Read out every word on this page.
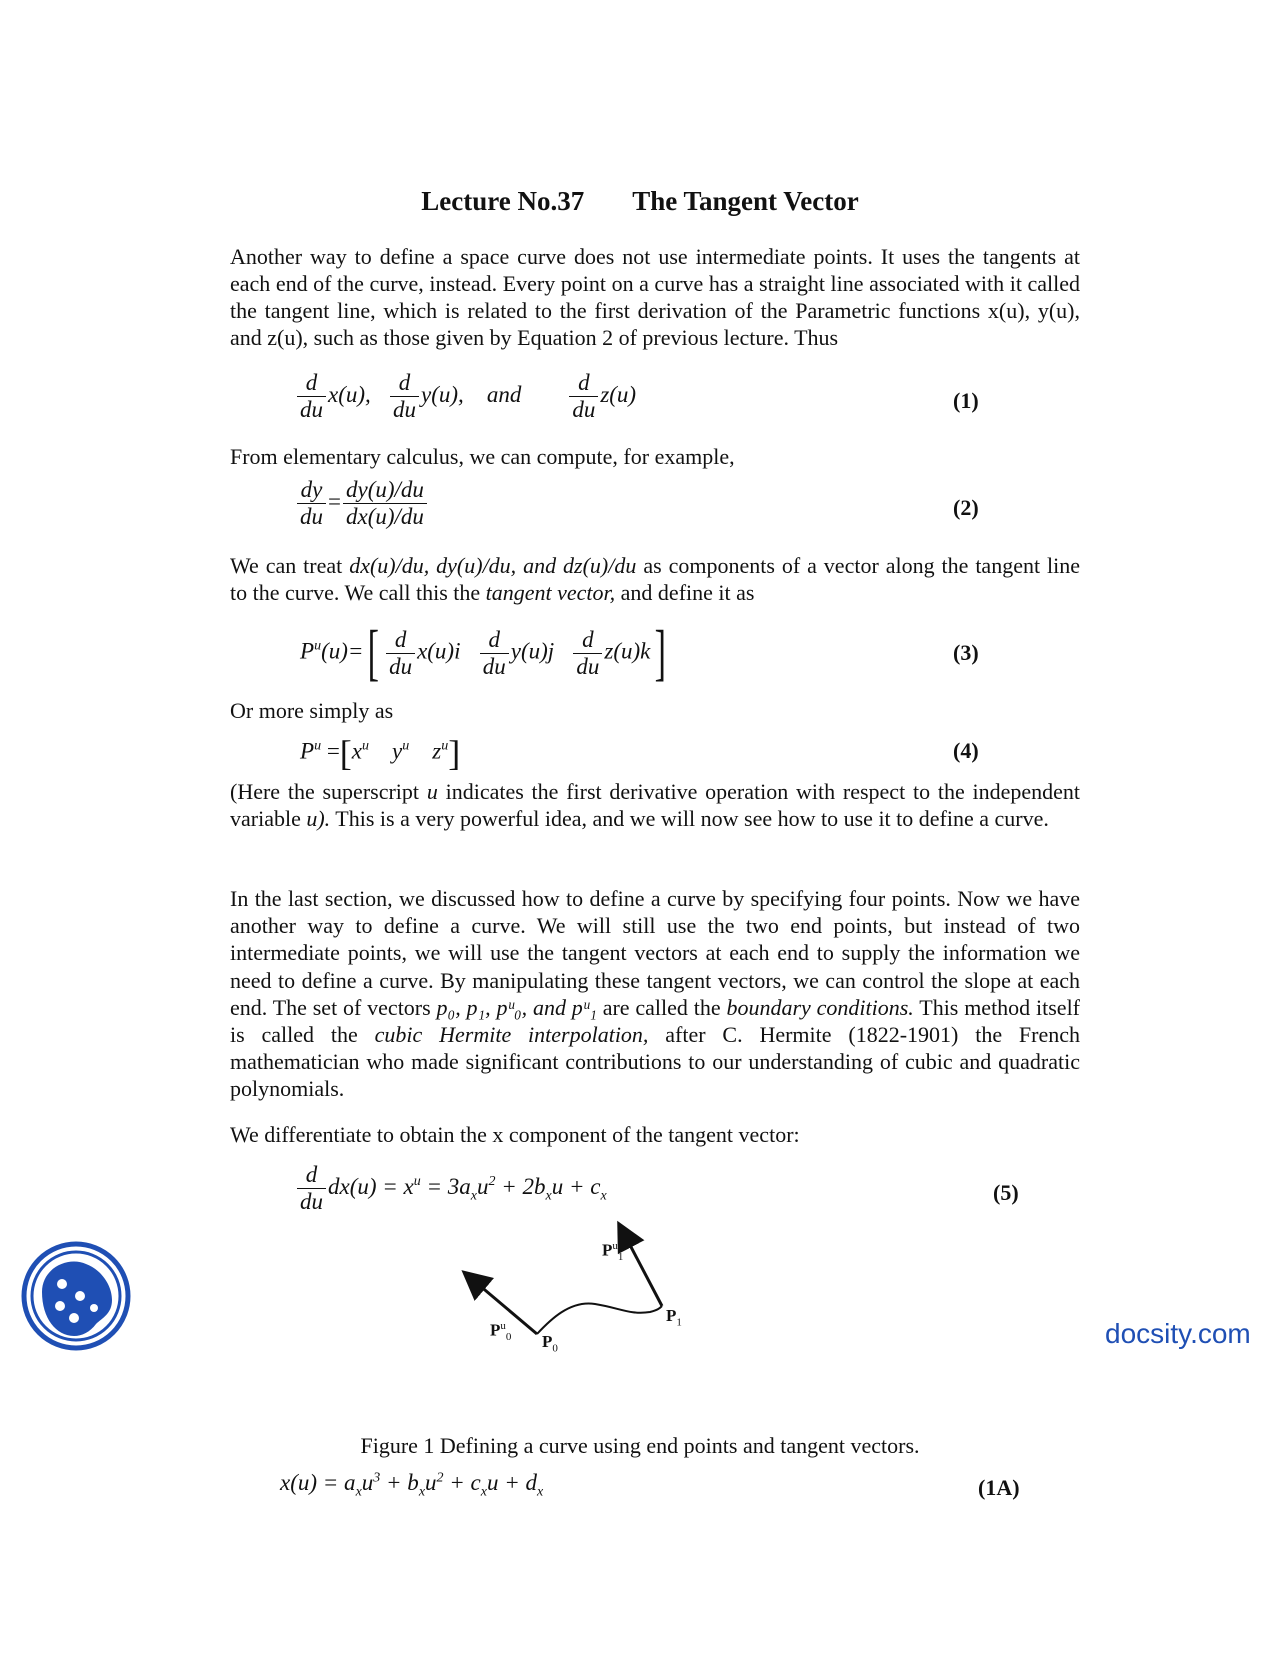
Lecture No.37 The Tangent Vector

Another way to define a space curve does not use intermediate points. It uses the tangents at each end of the curve, instead. Every point on a curve has a straight line associated with it called the tangent line, which is related to the first derivation of the Parametric functions x(u), y(u), and z(u), such as those given by Equation 2 of previous lecture. Thus

$\frac{d}{du} x(u)$, $\frac{d}{du} y(u)$, and $\frac{d}{du} z(u)$	(1)

From elementary calculus, we can compute, for example,

$\frac{dy}{du} = \frac{dy(u)/du}{dx(u)/du}$	(2)

We can treat dx(u)/du, dy(u)/du, and dz(u)/du as components of a vector along the tangent line to the curve. We call this the tangent vector, and define it as

$P^u(u)=[ \frac{d}{du} x(u)i \frac{d}{du} y(u)j \frac{d}{du} z(u)k]$	(3)

Or more simply as

$P^u =[x^u$ $y^u$ $z^u$]	(4)

(Here the superscript u indicates the first derivative operation with respect to the independent variable u). This is a very powerful idea, and we will now see how to use it to define a curve.

In the last section, we discussed how to define a curve by specifying four points. Now we have another way to define a curve. We will still use the two end points, but instead of two intermediate points, we will use the tangent vectors at each end to supply the information we need to define a curve. By manipulating these tangent vectors, we can control the slope at each end. The set of vectors p₀, p₁, pᵘ₀, and pᵘ₁ are called the boundary conditions. This method itself is called the cubic Hermite interpolation, after C. Hermite (1822-1901) the French mathematician who made significant contributions to our understanding of cubic and quadratic polynomials.

We differentiate to obtain the x component of the tangent vector:

$\frac{d}{du} dx(u) = x^u = 3a_xu^2 + 2b_xu + c_x$	(5)
$P^u_1$
$P_1$
$P^u_0$ $P_0$
Figure 1 Defining a curve using end points and tangent vectors.
$x(u) = a_xu^3 + b_xu^2 + c_xu + d_x$	(1A)
docsity.com
